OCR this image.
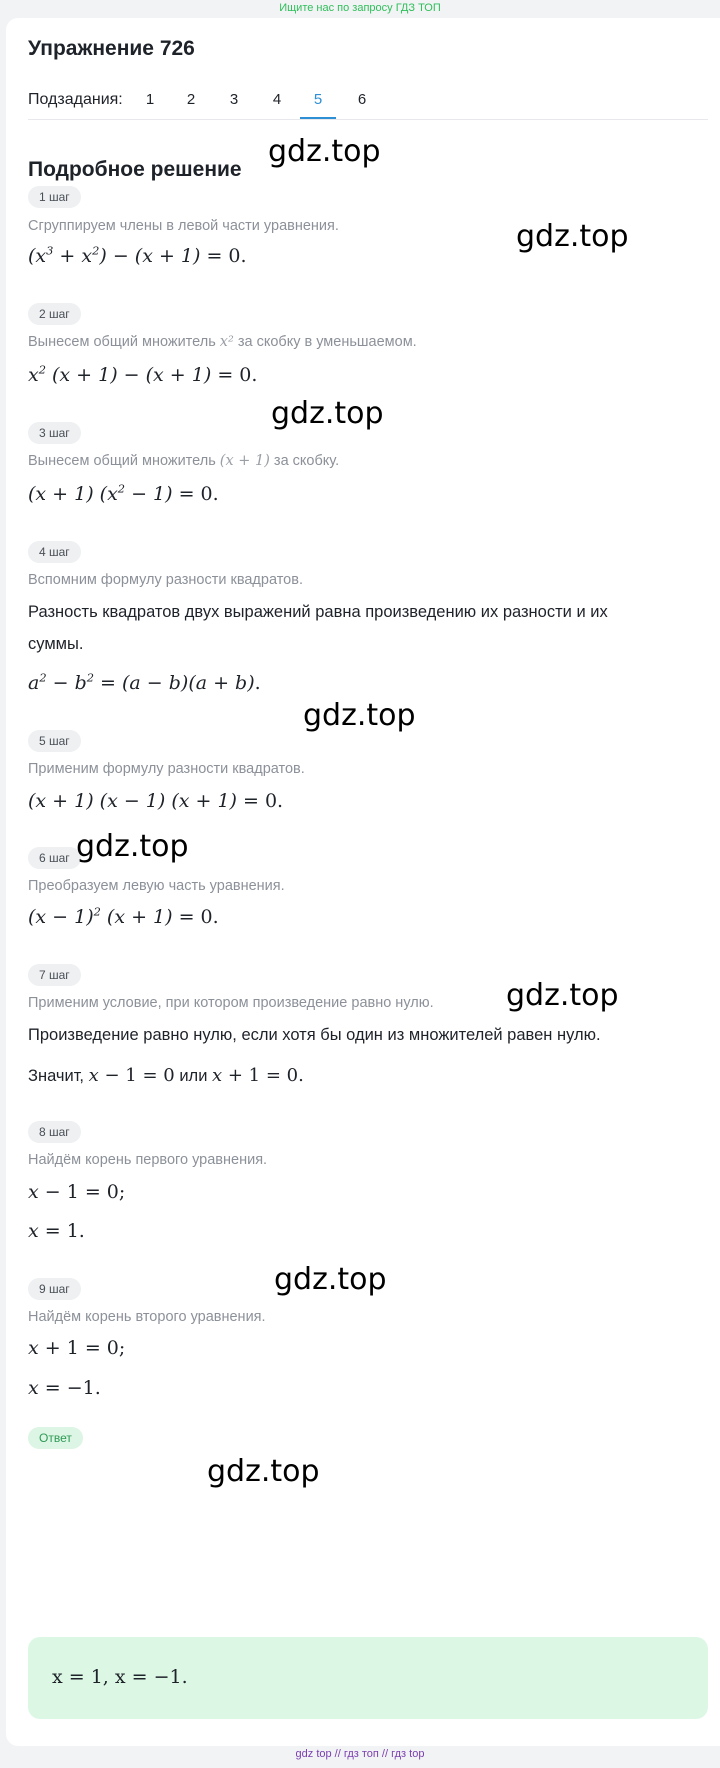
Ищите нас по запросу ГДЗ ТОП
Упражнение 726
Подзадания:	1	2	3	4	5	6
Подробное решение
1 шаг
Сгруппируем члены в левой части уравнения.
$(x^3 + x^2) - (x + 1) = 0$.
2 шаг
Вынесем общий множитель x² за скобку в уменьшаемом.
$x^2$ (x + 1) − (x + 1) = 0.
3 шаг
Вынесем общий множитель (x + 1) за скобку.
(x + 1) $(x^2 - 1) = 0$.
4 шаг
Вспомним формулу разности квадратов.
Разность квадратов двух выражений равна произведению их разности и их
суммы.
$a^2 - b^2 = (a - b)(a + b)$.
5 шаг
Применим формулу разности квадратов.
(x + 1) (x − 1) (x + 1) = 0.
6 шаг
Преобразуем левую часть уравнения.
$(x - 1)^2$ (x + 1) = 0.
7 шаг
Применим условие, при котором произведение равно нулю.
Произведение равно нулю, если хотя бы один из множителей равен нулю.
Значит, x − 1 = 0 или x + 1 = 0.
8 шаг
Найдём корень первого уравнения.
x − 1 = 0;
x = 1.
9 шаг
Найдём корень второго уравнения.
x + 1 = 0;
x = −1.
Ответ
x = 1, x = −1.
gdz.top
gdz.top
gdz.top
gdz.top
gdz.top
gdz.top
gdz.top
gdz.top
gdz top // гдз топ // гдз top
